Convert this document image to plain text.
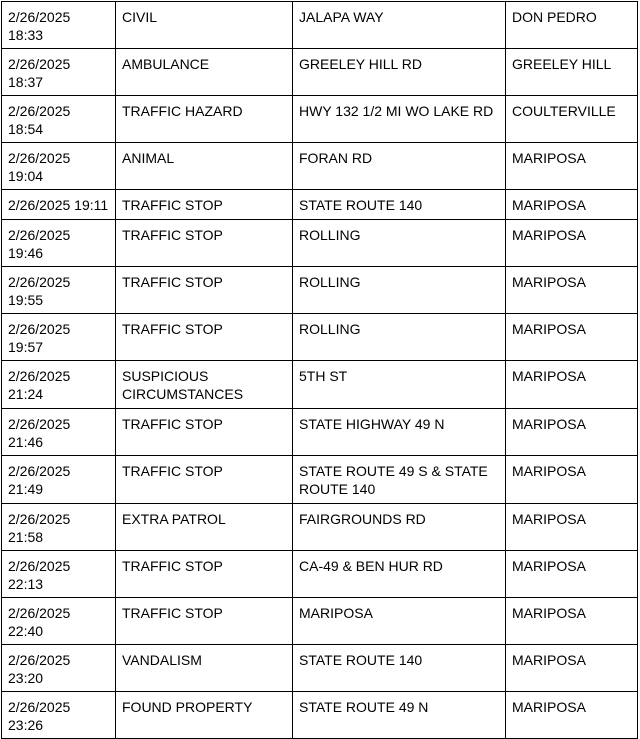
2/26/2025 18:33	CIVIL	JALAPA WAY	DON PEDRO
2/26/2025 18:37	AMBULANCE	GREELEY HILL RD	GREELEY HILL
2/26/2025 18:54	TRAFFIC HAZARD	HWY 132 1/2 MI WO LAKE RD	COULTERVILLE
2/26/2025 19:04	ANIMAL	FORAN RD	MARIPOSA
2/26/2025 19:11	TRAFFIC STOP	STATE ROUTE 140	MARIPOSA
2/26/2025 19:46	TRAFFIC STOP	ROLLING	MARIPOSA
2/26/2025 19:55	TRAFFIC STOP	ROLLING	MARIPOSA
2/26/2025 19:57	TRAFFIC STOP	ROLLING	MARIPOSA
2/26/2025 21:24	SUSPICIOUS CIRCUMSTANCES	5TH ST	MARIPOSA
2/26/2025 21:46	TRAFFIC STOP	STATE HIGHWAY 49 N	MARIPOSA
2/26/2025 21:49	TRAFFIC STOP	STATE ROUTE 49 S & STATE ROUTE 140	MARIPOSA
2/26/2025 21:58	EXTRA PATROL	FAIRGROUNDS RD	MARIPOSA
2/26/2025 22:13	TRAFFIC STOP	CA-49 & BEN HUR RD	MARIPOSA
2/26/2025 22:40	TRAFFIC STOP	MARIPOSA	MARIPOSA
2/26/2025 23:20	VANDALISM	STATE ROUTE 140	MARIPOSA
2/26/2025 23:26	FOUND PROPERTY	STATE ROUTE 49 N	MARIPOSA
